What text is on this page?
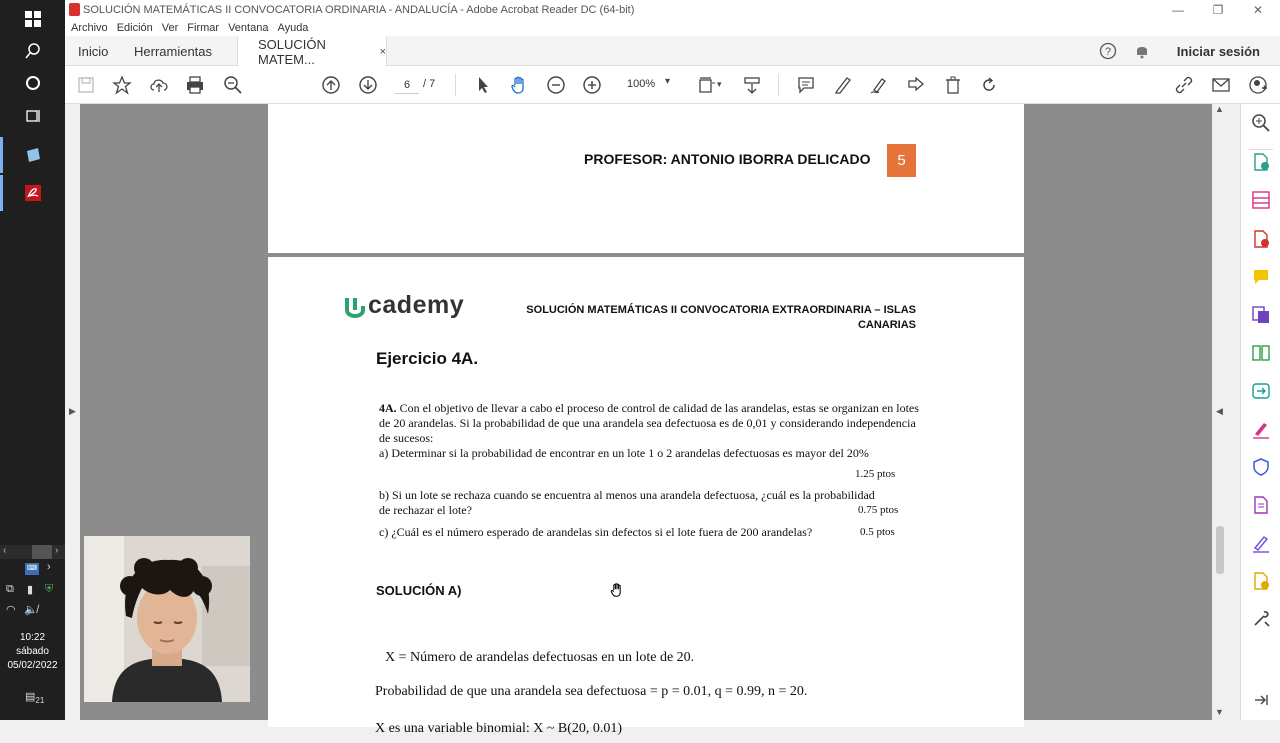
‹	›
⌨ ›
⧉ ▮ ⛨
◠ 🔈̸
10:22
sábado
05/02/2022
$▤_{21}$
SOLUCIÓN MATEMÁTICAS II CONVOCATORIA ORDINARIA - ANDALUCÍA - Adobe Acrobat Reader DC (64-bit)	—	❐	✕
Archivo Edición Ver Firmar Ventana Ayuda
Inicio Herramientas	SOLUCIÓN MATEM...	×	?	Iniciar sesión
6
/ 7	100% ▾	▾
▶
PROFESOR: ANTONIO IBORRA DELICADO	5
cademy	SOLUCIÓN MATEMÁTICAS II CONVOCATORIA EXTRAORDINARIA – ISLAS
CANARIAS
Ejercicio 4A.
4A. Con el objetivo de llevar a cabo el proceso de control de calidad de las arandelas, estas se organizan en lotes de 20 arandelas. Si la probabilidad de que una arandela sea defectuosa es de 0,01 y considerando independencia de sucesos:
a) Determinar si la probabilidad de encontrar en un lote 1 o 2 arandelas defectuosas es mayor del 20%
1.25 ptos
b) Si un lote se rechaza cuando se encuentra al menos una arandela defectuosa, ¿cuál es la probabilidad
de rechazar el lote?	0.75 ptos
c) ¿Cuál es el número esperado de arandelas sin defectos si el lote fuera de 200 arandelas?	0.5 ptos
SOLUCIÓN A)
X = Número de arandelas defectuosas en un lote de 20.
Probabilidad de que una arandela sea defectuosa = p = 0.01, q = 0.99, n = 20.
X es una variable binomial: X ~ B(20, 0.01)
▲
◀
▼
